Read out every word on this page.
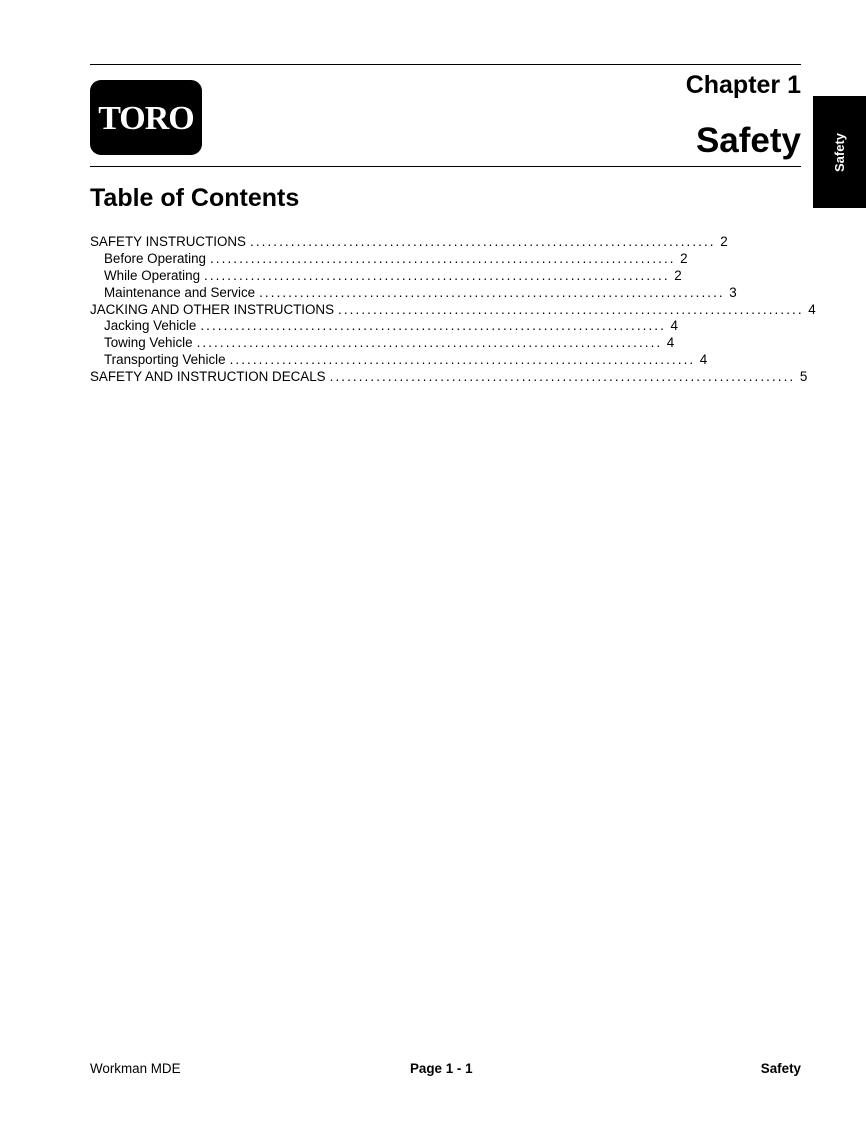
TORO
Chapter 1
Safety Safety
Table of Contents
SAFETY INSTRUCTIONS ................................................................................ 2
Before Operating ................................................................................ 2
While Operating ................................................................................ 2
Maintenance and Service ................................................................................ 3
JACKING AND OTHER INSTRUCTIONS ................................................................................ 4
Jacking Vehicle ................................................................................ 4
Towing Vehicle ................................................................................ 4
Transporting Vehicle ................................................................................ 4
SAFETY AND INSTRUCTION DECALS ................................................................................ 5
Workman MDE	Page 1 - 1	Safety
